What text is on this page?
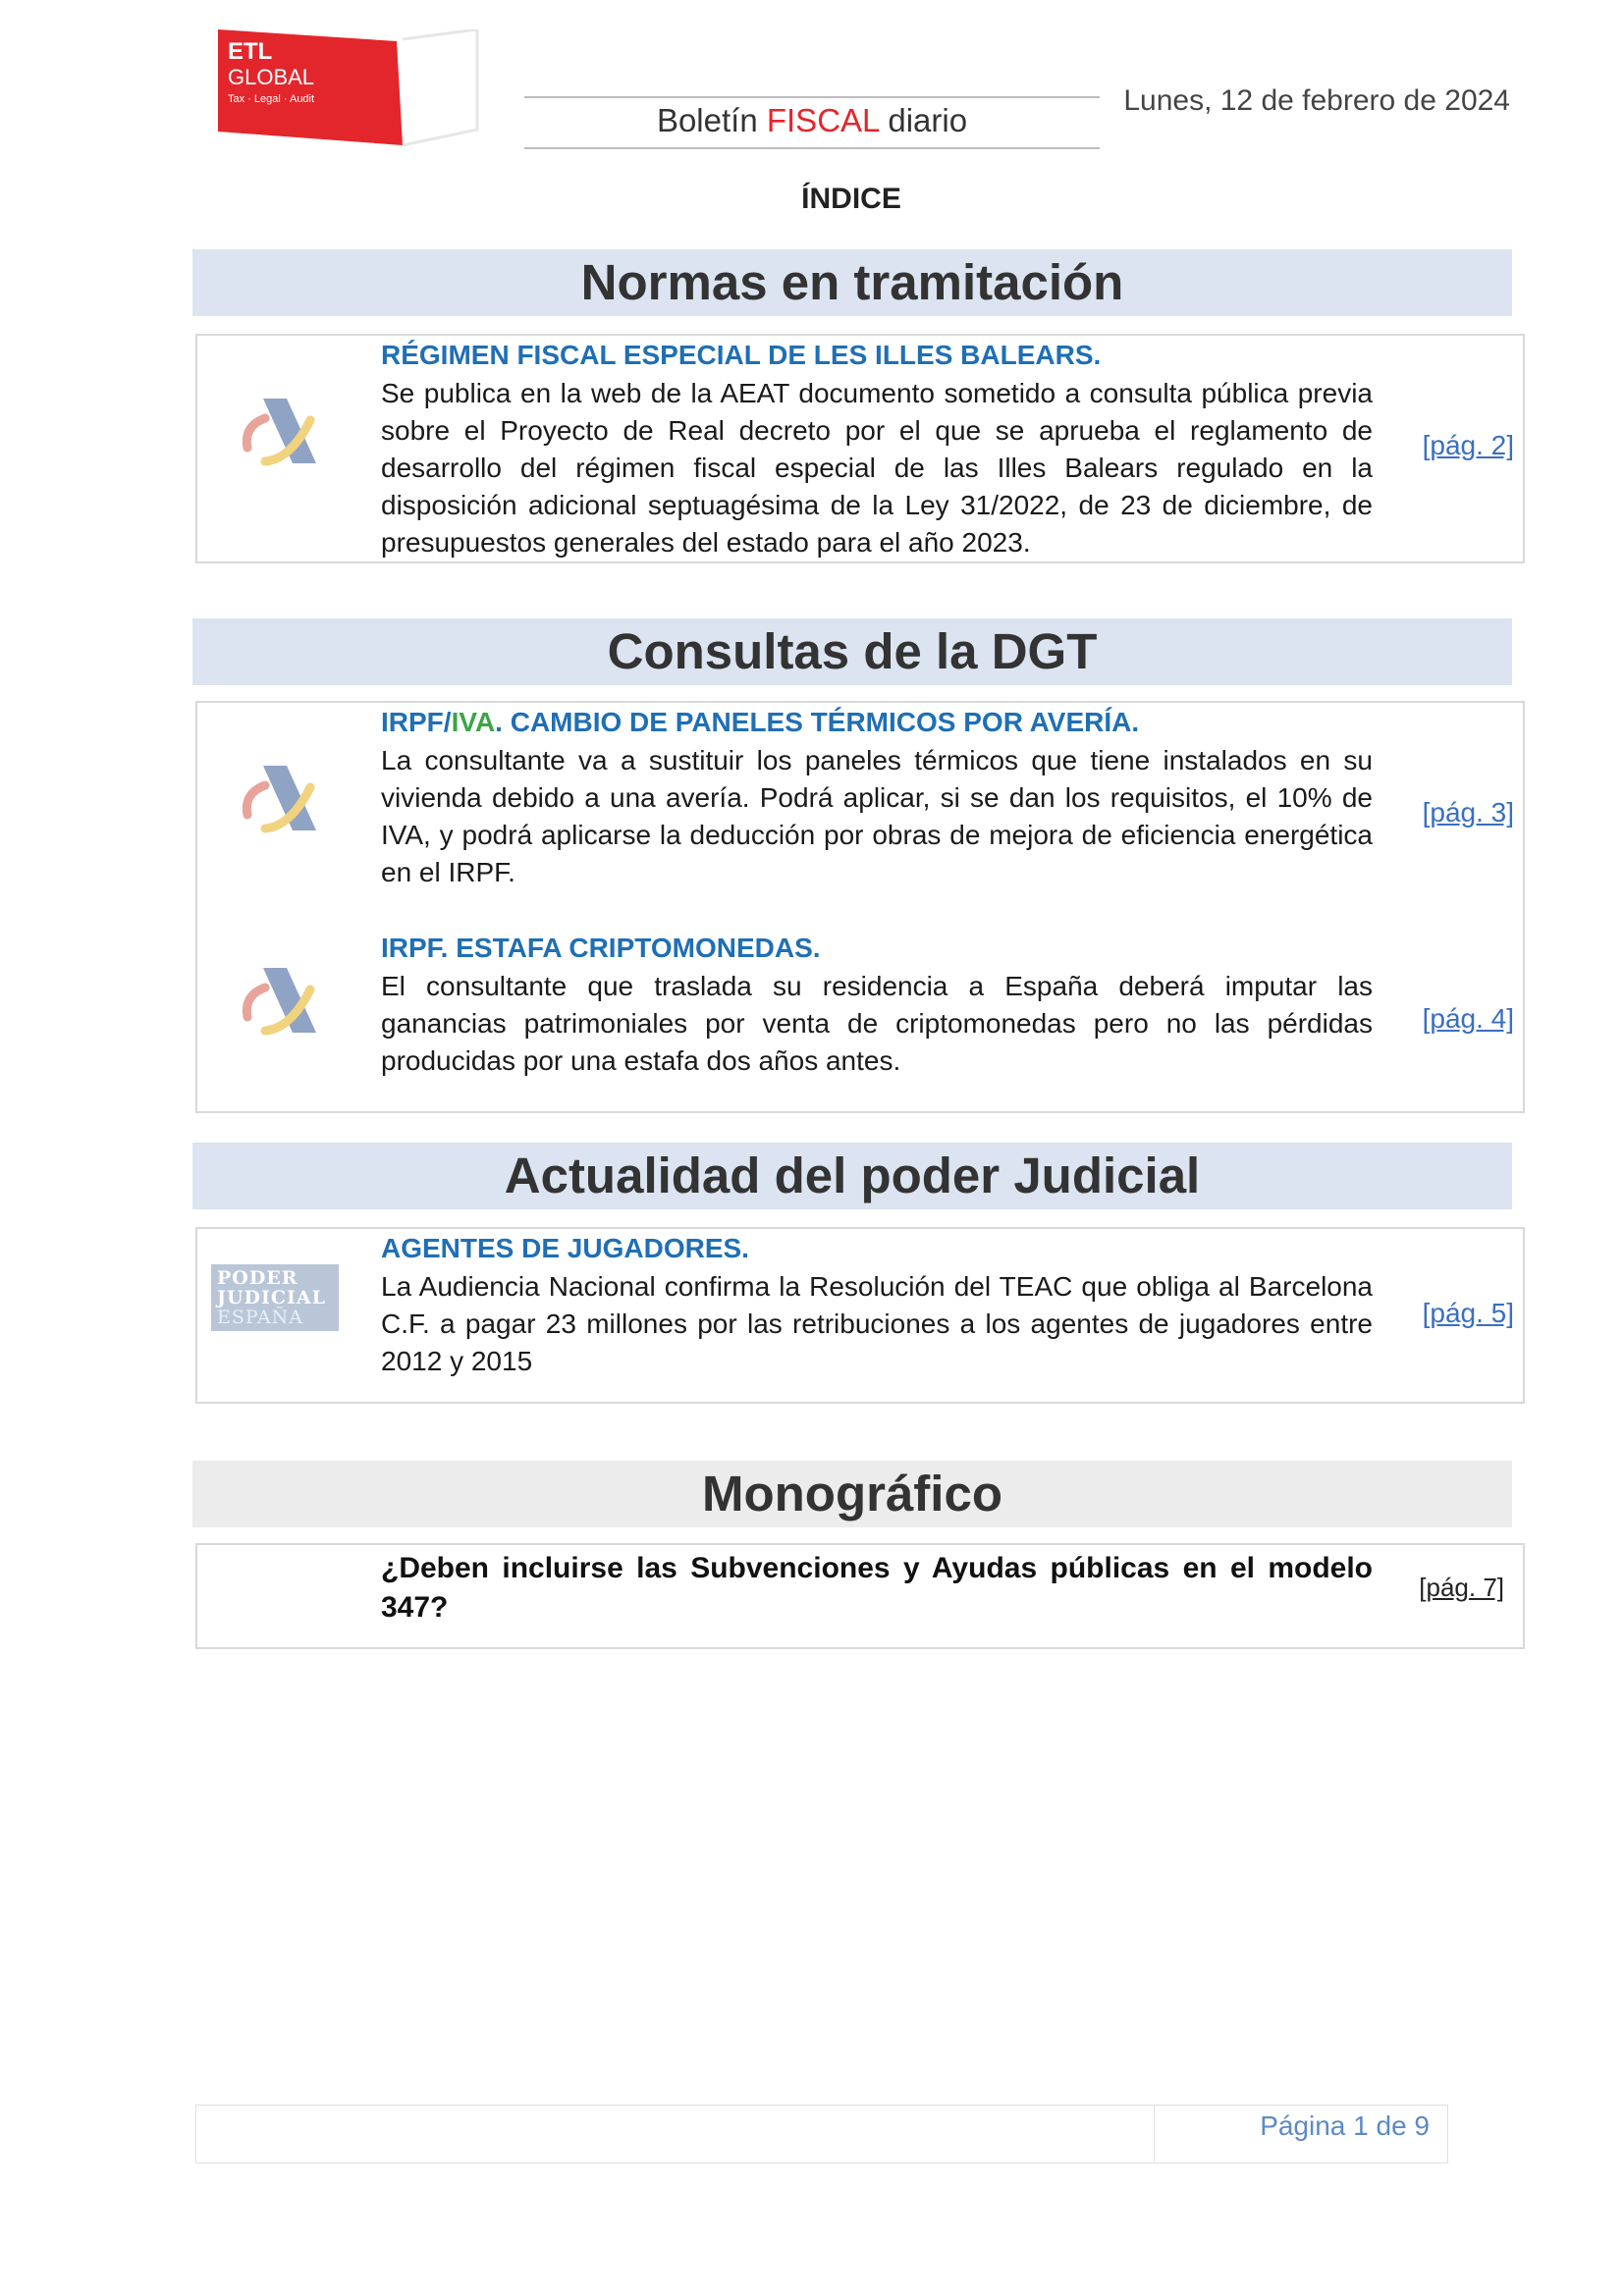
ETL
GLOBAL
Tax · Legal · Audit
Boletín FISCAL diario
Lunes, 12 de febrero de 2024
ÍNDICE
Normas en tramitación
RÉGIMEN FISCAL ESPECIAL DE LES ILLES BALEARS.
Se publica en la web de la AEAT documento sometido a consulta pública previa sobre el Proyecto de Real decreto por el que se aprueba el reglamento de desarrollo del régimen fiscal especial de las Illes Balears regulado en la disposición adicional septuagésima de la Ley 31/2022, de 23 de diciembre, de presupuestos generales del estado para el año 2023.
[pág. 2]
Consultas de la DGT
IRPF/IVA. CAMBIO DE PANELES TÉRMICOS POR AVERÍA.
La consultante va a sustituir los paneles térmicos que tiene instalados en su vivienda debido a una avería. Podrá aplicar, si se dan los requisitos, el 10% de IVA, y podrá aplicarse la deducción por obras de mejora de eficiencia energética en el IRPF.
[pág. 3]
IRPF. ESTAFA CRIPTOMONEDAS.
El consultante que traslada su residencia a España deberá imputar las ganancias patrimoniales por venta de criptomonedas pero no las pérdidas producidas por una estafa dos años antes.
[pág. 4]
Actualidad del poder Judicial
PODER
JUDICIAL
ESPAÑA
AGENTES DE JUGADORES.
La Audiencia Nacional confirma la Resolución del TEAC que obliga al Barcelona C.F. a pagar 23 millones por las retribuciones a los agentes de jugadores entre 2012 y 2015
[pág. 5]
Monográfico
¿Deben incluirse las Subvenciones y Ayudas públicas en el modelo 347?
[pág. 7]
Página 1 de 9
